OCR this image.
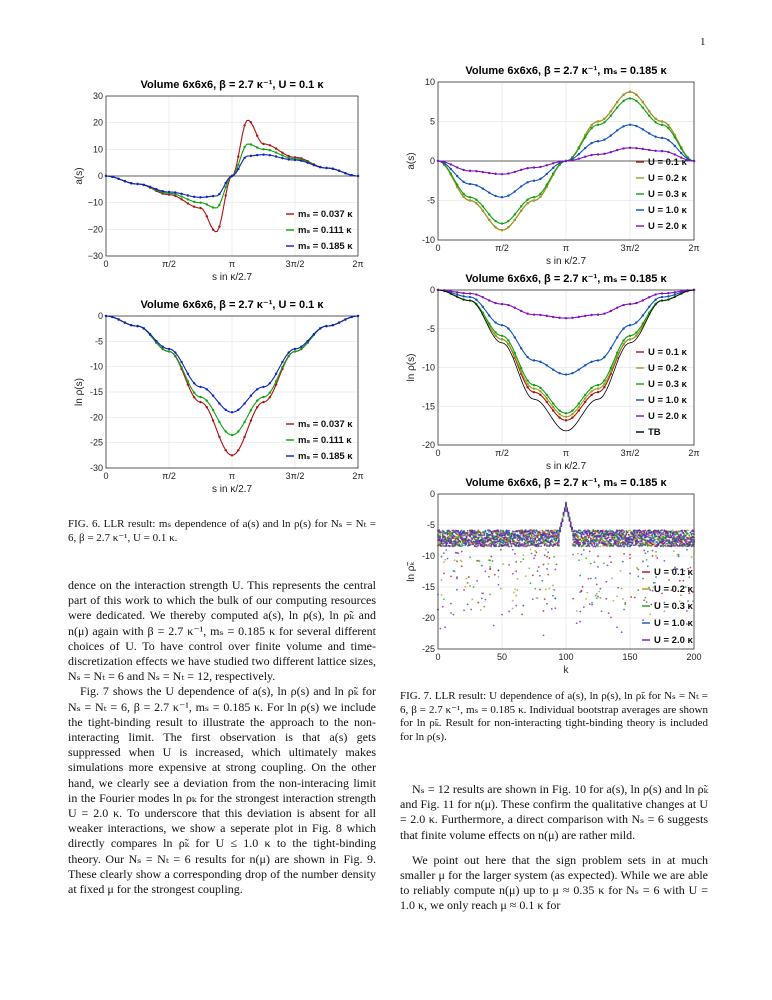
1
Volume 6x6x6, β = 2.7 κ⁻¹, U = 0.1 κ
0	π/2	π	3π/2	2π
30
20
10
0
−10
−20
−30
a(s)
s in κ/2.7
mₛ = 0.037 κ
mₛ = 0.111 κ
mₛ = 0.185 κ
Volume 6x6x6, β = 2.7 κ⁻¹, U = 0.1 κ
0	π/2	π	3π/2	2π
0
-5
-10
-15
-20
-25
-30
ln ρ(s)
s in κ/2.7
mₛ = 0.037 κ
mₛ = 0.111 κ
mₛ = 0.185 κ
Volume 6x6x6, β = 2.7 κ⁻¹, mₛ = 0.185 κ
0	π/2	π	3π/2	2π
10
5
0
-5
-10
a(s)
s in κ/2.7
U = 0.1 κ
U = 0.2 κ
U = 0.3 κ
U = 1.0 κ
U = 2.0 κ
Volume 6x6x6, β = 2.7 κ⁻¹, mₛ = 0.185 κ
0	π/2	π	3π/2	2π
0
-5
-10
-15
-20
ln ρ(s)
s in κ/2.7
U = 0.1 κ
U = 0.2 κ
U = 0.3 κ
U = 1.0 κ
U = 2.0 κ
TB
Volume 6x6x6, β = 2.7 κ⁻¹, mₛ = 0.185 κ
0	50	100	150	200
0
-5
-10
-15
-20
-25
ln ρ̃ₖ
k
U = 0.1 κ
U = 0.2 κ
U = 0.3 κ
U = 1.0 κ
U = 2.0 κ
FIG. 6. LLR result: mₛ dependence of a(s) and ln ρ(s) for Nₛ = Nₜ = 6, β = 2.7 κ⁻¹, U = 0.1 κ.
FIG. 7. LLR result: U dependence of a(s), ln ρ(s), ln ρ̃ₖ for Nₛ = Nₜ = 6, β = 2.7 κ⁻¹, mₛ = 0.185 κ. Individual bootstrap averages are shown for ln ρ̃ₖ. Result for non-interacting tight-binding theory is included for ln ρ(s).

dence on the interaction strength U. This represents the central part of this work to which the bulk of our computing resources were dedicated. We thereby computed a(s), ln ρ(s), ln ρ̃ₖ and n(μ) again with β = 2.7 κ⁻¹, mₛ = 0.185 κ for several different choices of U. To have control over finite volume and time-discretization effects we have studied two different lattice sizes, Nₛ = Nₜ = 6 and Nₛ = Nₜ = 12, respectively.

Fig. 7 shows the U dependence of a(s), ln ρ(s) and ln ρ̃ₖ for Nₛ = Nₜ = 6, β = 2.7 κ⁻¹, mₛ = 0.185 κ. For ln ρ(s) we include the tight-binding result to illustrate the approach to the non-interacting limit. The first observation is that a(s) gets suppressed when U is increased, which ultimately makes simulations more expensive at strong coupling. On the other hand, we clearly see a deviation from the non-interacing limit in the Fourier modes ln ρₖ for the strongest interaction strength U = 2.0 κ. To underscore that this deviation is absent for all weaker interactions, we show a seperate plot in Fig. 8 which directly compares ln ρ̃ₖ for U ≤ 1.0 κ to the tight-binding theory. Our Nₛ = Nₜ = 6 results for n(μ) are shown in Fig. 9. These clearly show a corresponding drop of the number density at fixed μ for the strongest coupling.

Nₛ = 12 results are shown in Fig. 10 for a(s), ln ρ(s) and ln ρ̃ₖ and Fig. 11 for n(μ). These confirm the qualitative changes at U = 2.0 κ. Furthermore, a direct comparison with Nₛ = 6 suggests that finite volume effects on n(μ) are rather mild.

We point out here that the sign problem sets in at much smaller μ for the larger system (as expected). While we are able to reliably compute n(μ) up to μ ≈ 0.35 κ for Nₛ = 6 with U = 1.0 κ, we only reach μ ≈ 0.1 κ for
